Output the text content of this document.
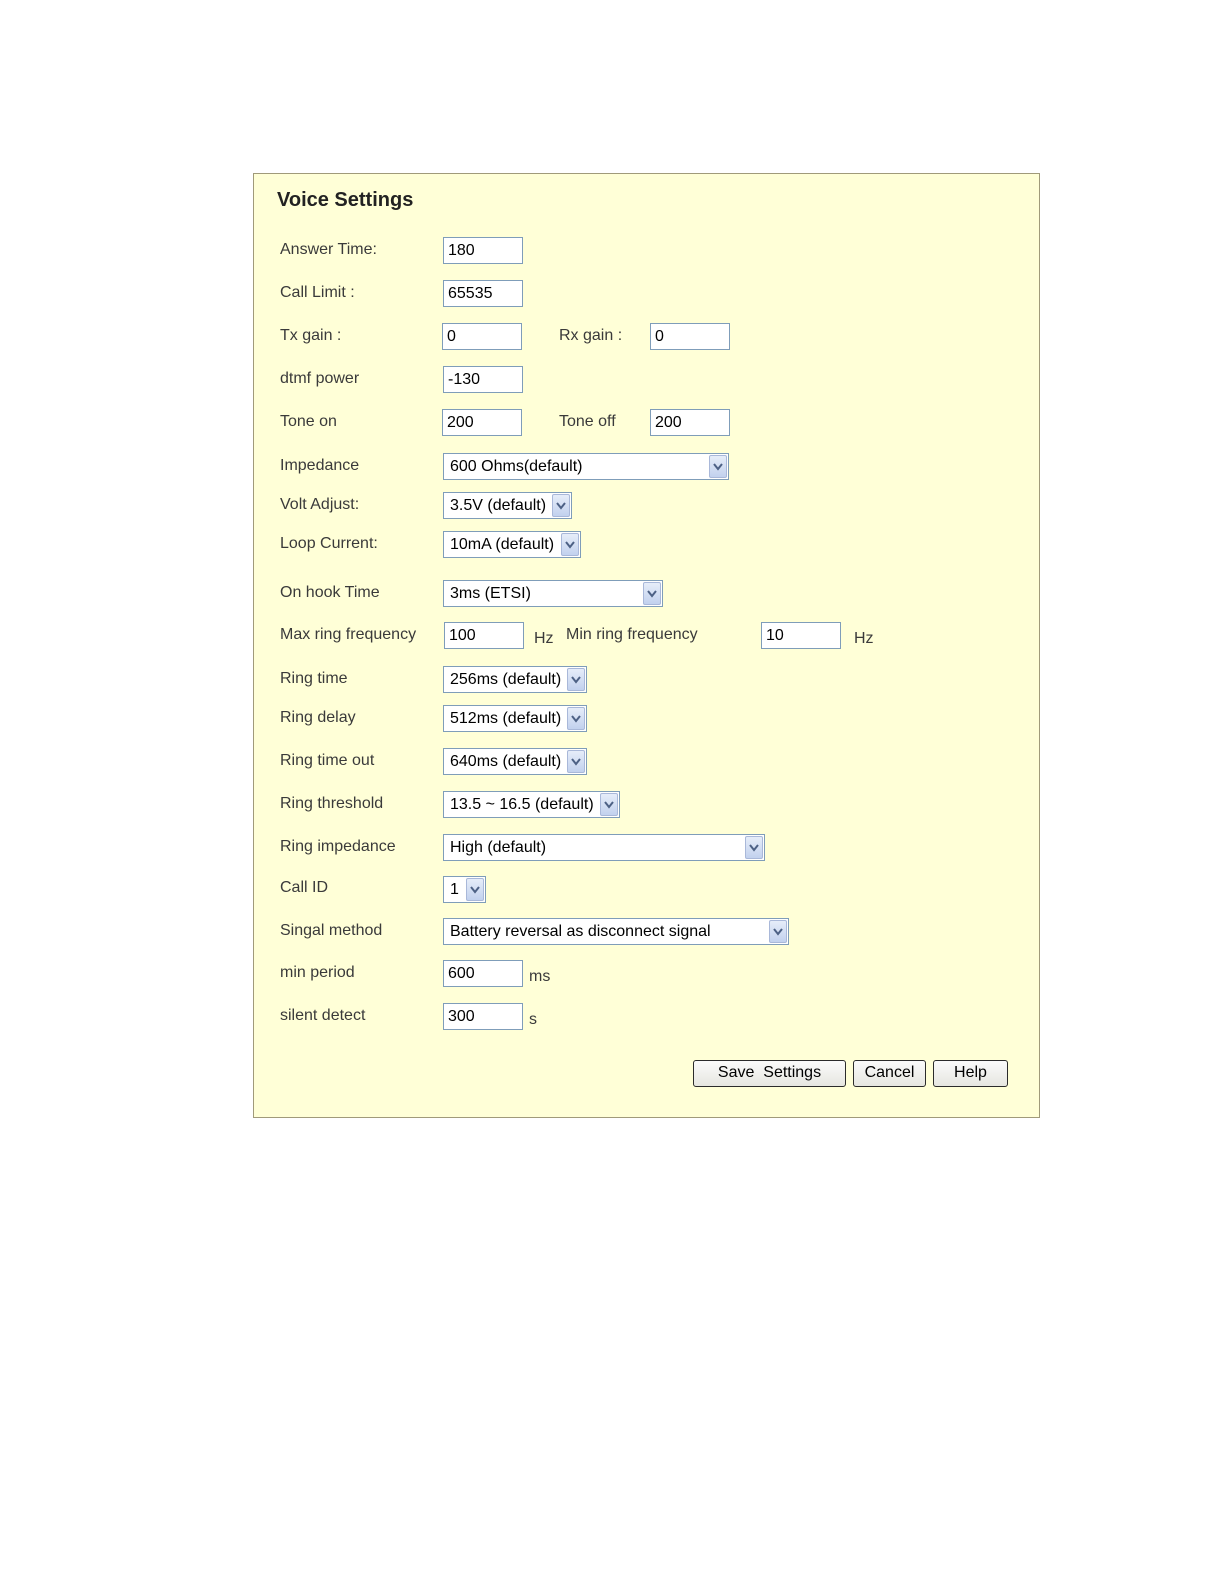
Voice Settings
Answer Time:	180
Call Limit :	65535
Tx gain :	0	Rx gain :	0
dtmf power	-130
Tone on	200	Tone off	200
Impedance	600 Ohms(default)
Volt Adjust:	3.5V (default)
Loop Current:	10mA (default)
On hook Time	3ms (ETSI)
Max ring frequency	100	Hz Min ring frequency	10	Hz
Ring time	256ms (default)
Ring delay	512ms (default)
Ring time out	640ms (default)
Ring threshold	13.5 ~ 16.5 (default)
Ring impedance	High (default)
Call ID	1
Singal method	Battery reversal as disconnect signal
min period	600	ms
silent detect	300	s
Save  Settings	Cancel	Help
